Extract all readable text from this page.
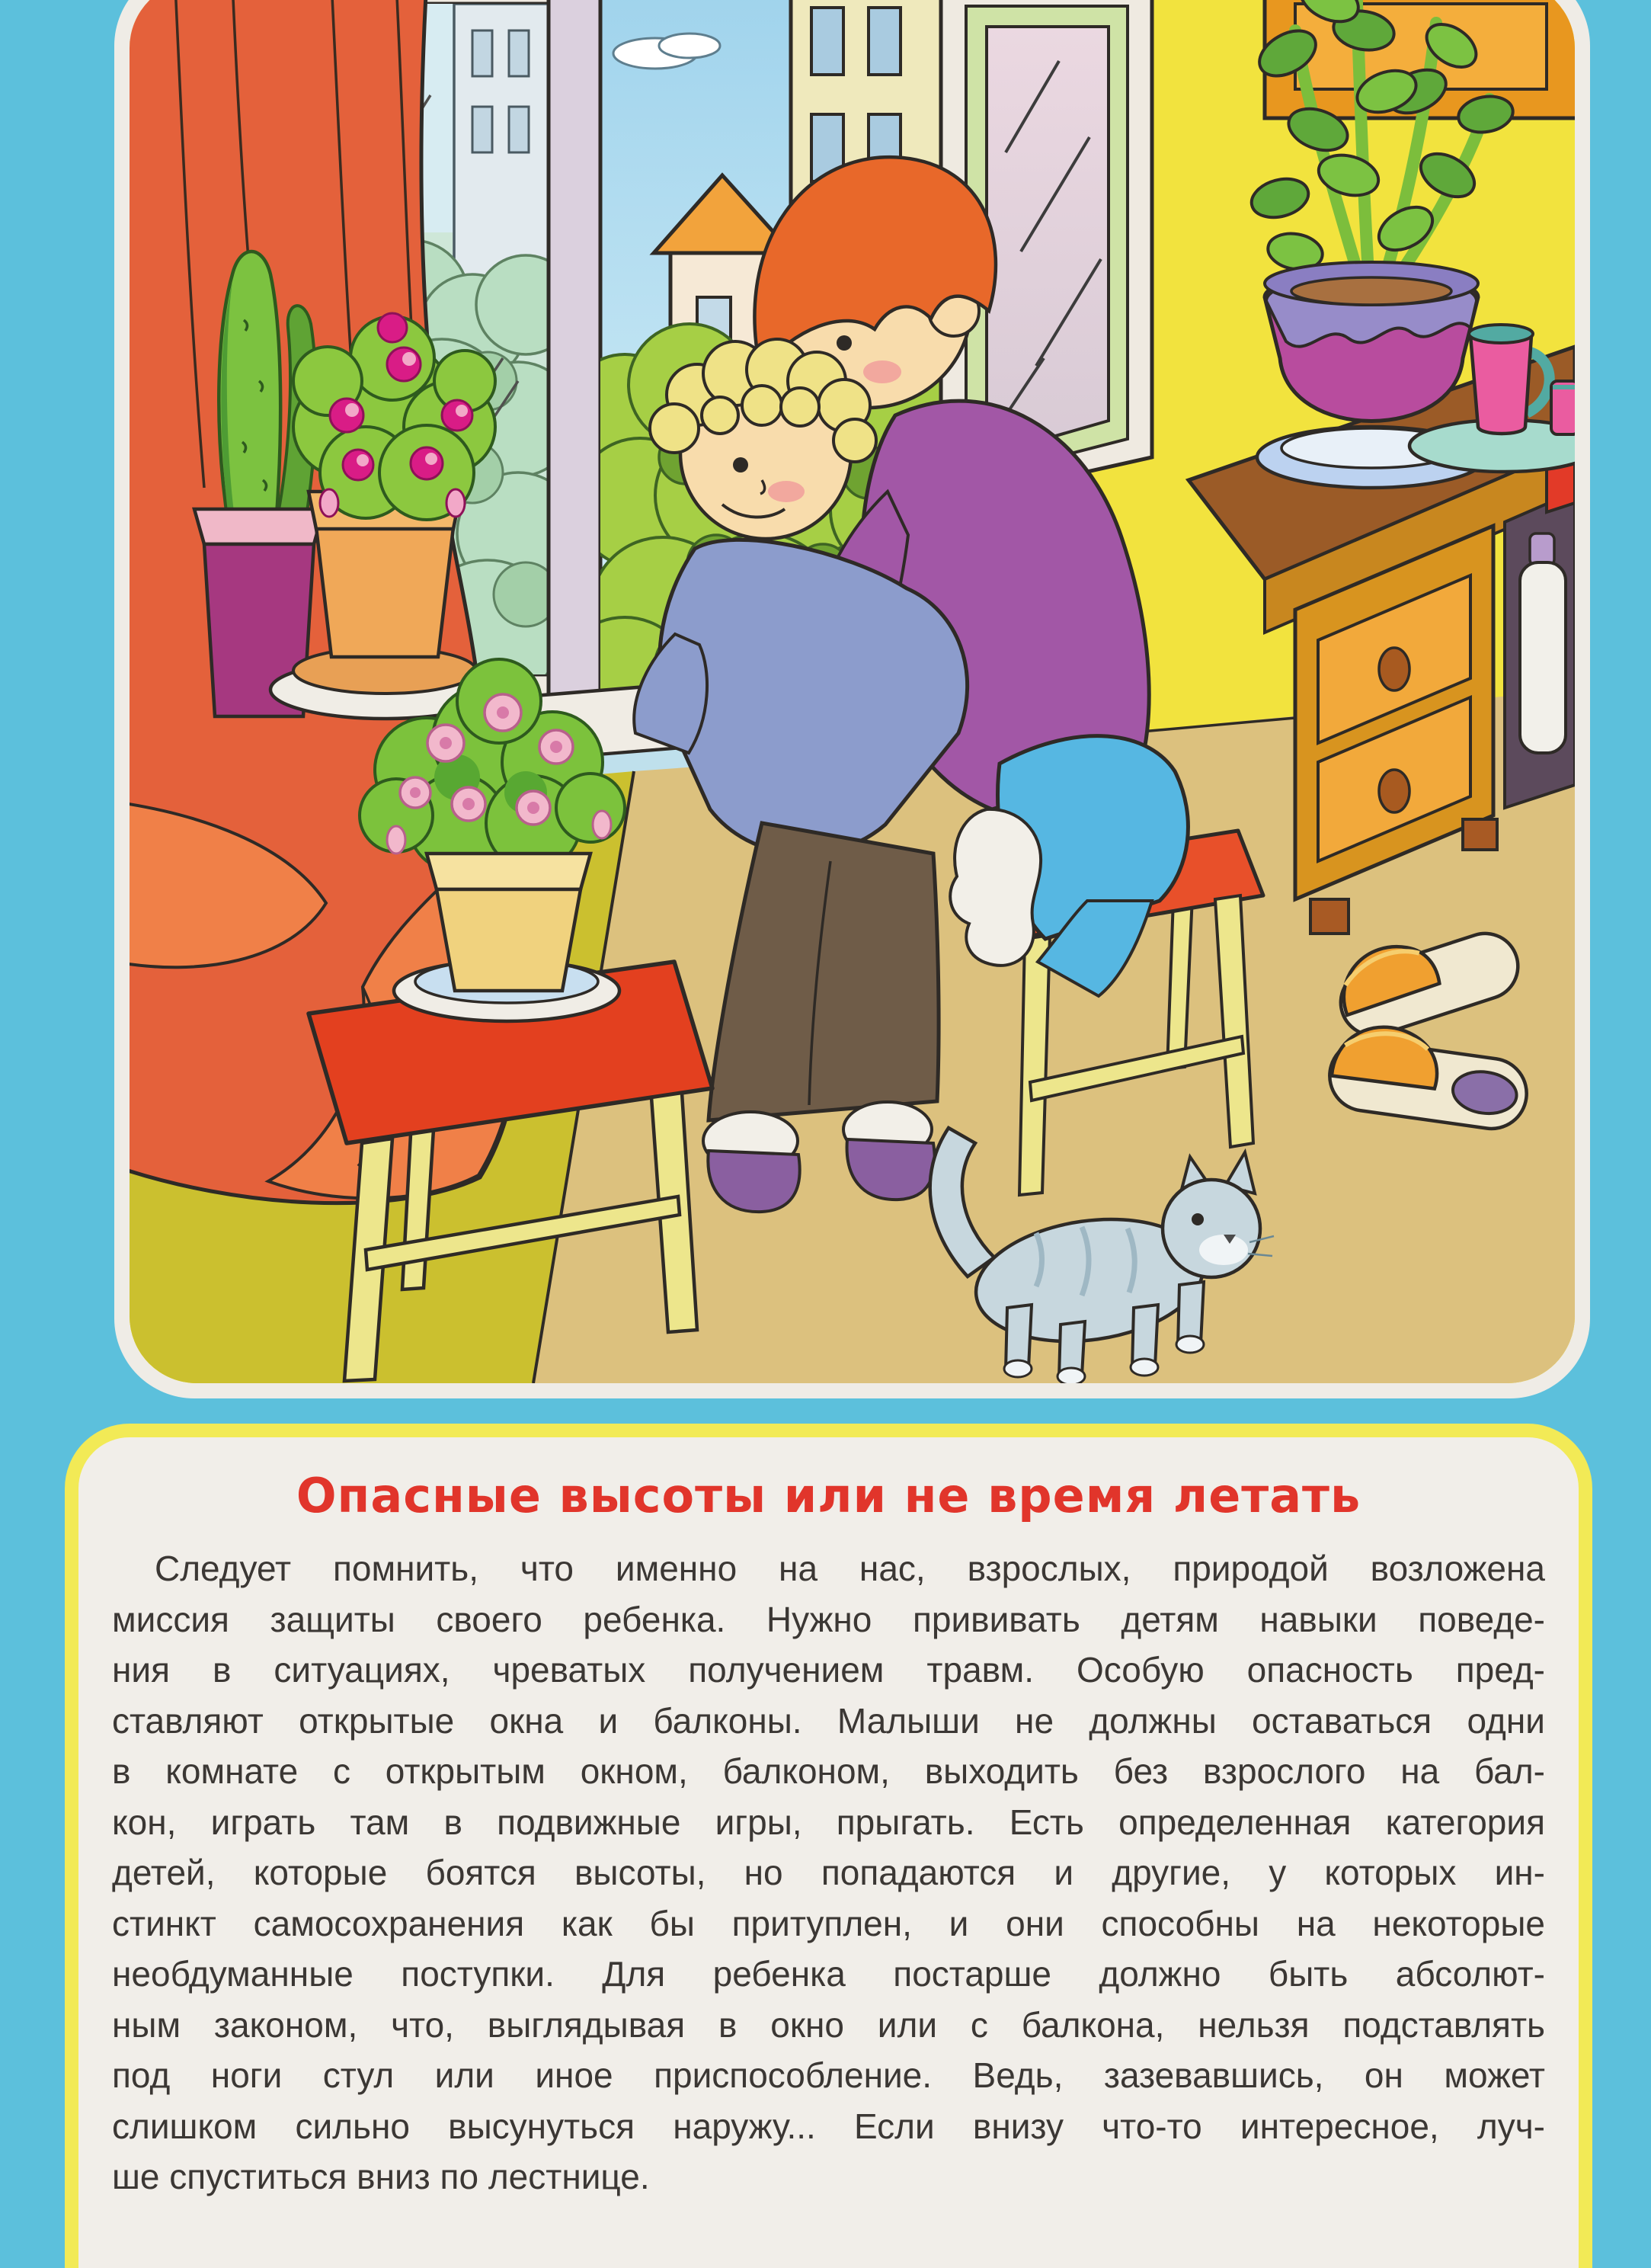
Опасные высоты или не время летать
Следует помнить, что именно на нас, взрослых, природой возложена
миссия защиты своего ребенка. Нужно прививать детям навыки поведе-
ния в ситуациях, чреватых получением травм. Особую опасность пред-
ставляют открытые окна и балконы. Малыши не должны оставаться одни
в комнате с открытым окном, балконом, выходить без взрослого на бал-
кон, играть там в подвижные игры, прыгать. Есть определенная категория
детей, которые боятся высоты, но попадаются и другие, у которых ин-
стинкт самосохранения как бы притуплен, и они способны на некоторые
необдуманные поступки. Для ребенка постарше должно быть абсолют-
ным законом, что, выглядывая в окно или с балкона, нельзя подставлять
под ноги стул или иное приспособление. Ведь, зазевавшись, он может
слишком сильно высунуться наружу... Если внизу что-то интересное, луч-
ше спуститься вниз по лестнице.
